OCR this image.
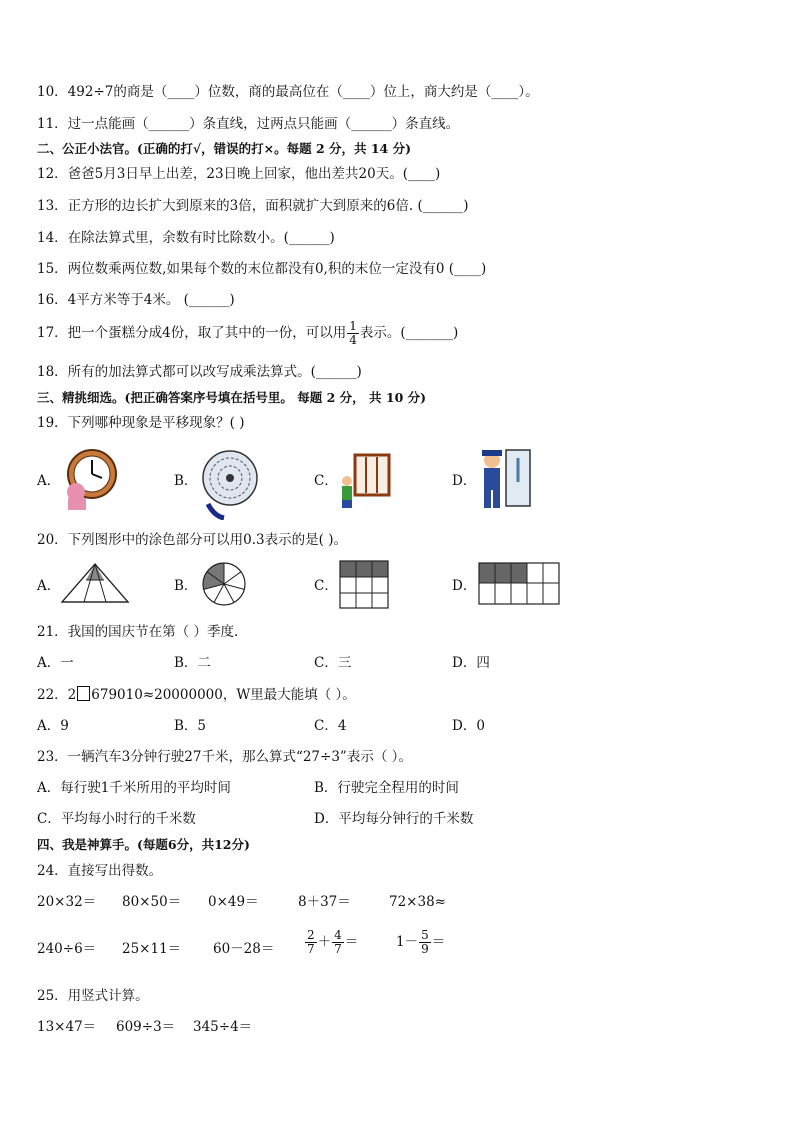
10．492÷7的商是（____）位数，商的最高位在（____）位上，商大约是（____）。
11．过一点能画（______）条直线，过两点只能画（______）条直线。
二、公正小法官。(正确的打√，错误的打×。每题 2 分，共 14 分)
12．爸爸5月3日早上出差，23日晚上回家，他出差共20天。(____)
13．正方形的边长扩大到原来的3倍，面积就扩大到原来的6倍. (______)
14．在除法算式里，余数有时比除数小。(______)
15．两位数乘两位数,如果每个数的末位都没有0,积的末位一定没有0 (____)
16．4平方米等于4米。 (______)
17．把一个蛋糕分成4份，取了其中的一份，可以用 $\frac{1}{4}$ 表示。(_______)
18．所有的加法算式都可以改写成乘法算式。(______)
三、精挑细选。(把正确答案序号填在括号里。 每题 2 分， 共 10 分)
19．下列哪种现象是平移现象？( )
A．	B．	C．	D．
20．下列图形中的涂色部分可以用0.3表示的是( )。
A．	B．	C．	D．
21．我国的国庆节在第（ ）季度.
A．一	B．二	C．三	D．四
22．2 679010≈20000000，W里最大能填（ ）。
A．9	B．5	C．4	D．0
23．一辆汽车3分钟行驶27千米，那么算式“27÷3”表示（ ）。
A．每行驶1千米所用的平均时间	B．行驶完全程用的时间
C．平均每小时行的千米数	D．平均每分钟行的千米数
四、我是神算手。(每题6分，共12分)
24．直接写出得数。
20×32＝ 80×50＝ 0×49＝	8＋37＝	72×38≈
240÷6＝ 25×11＝ 60－28＝	$\frac{2}{7} + \frac{4}{7}$ ＝	$1- \frac{5}{9}$ ＝
25．用竖式计算。
13×47＝ 609÷3＝ 345÷4＝
